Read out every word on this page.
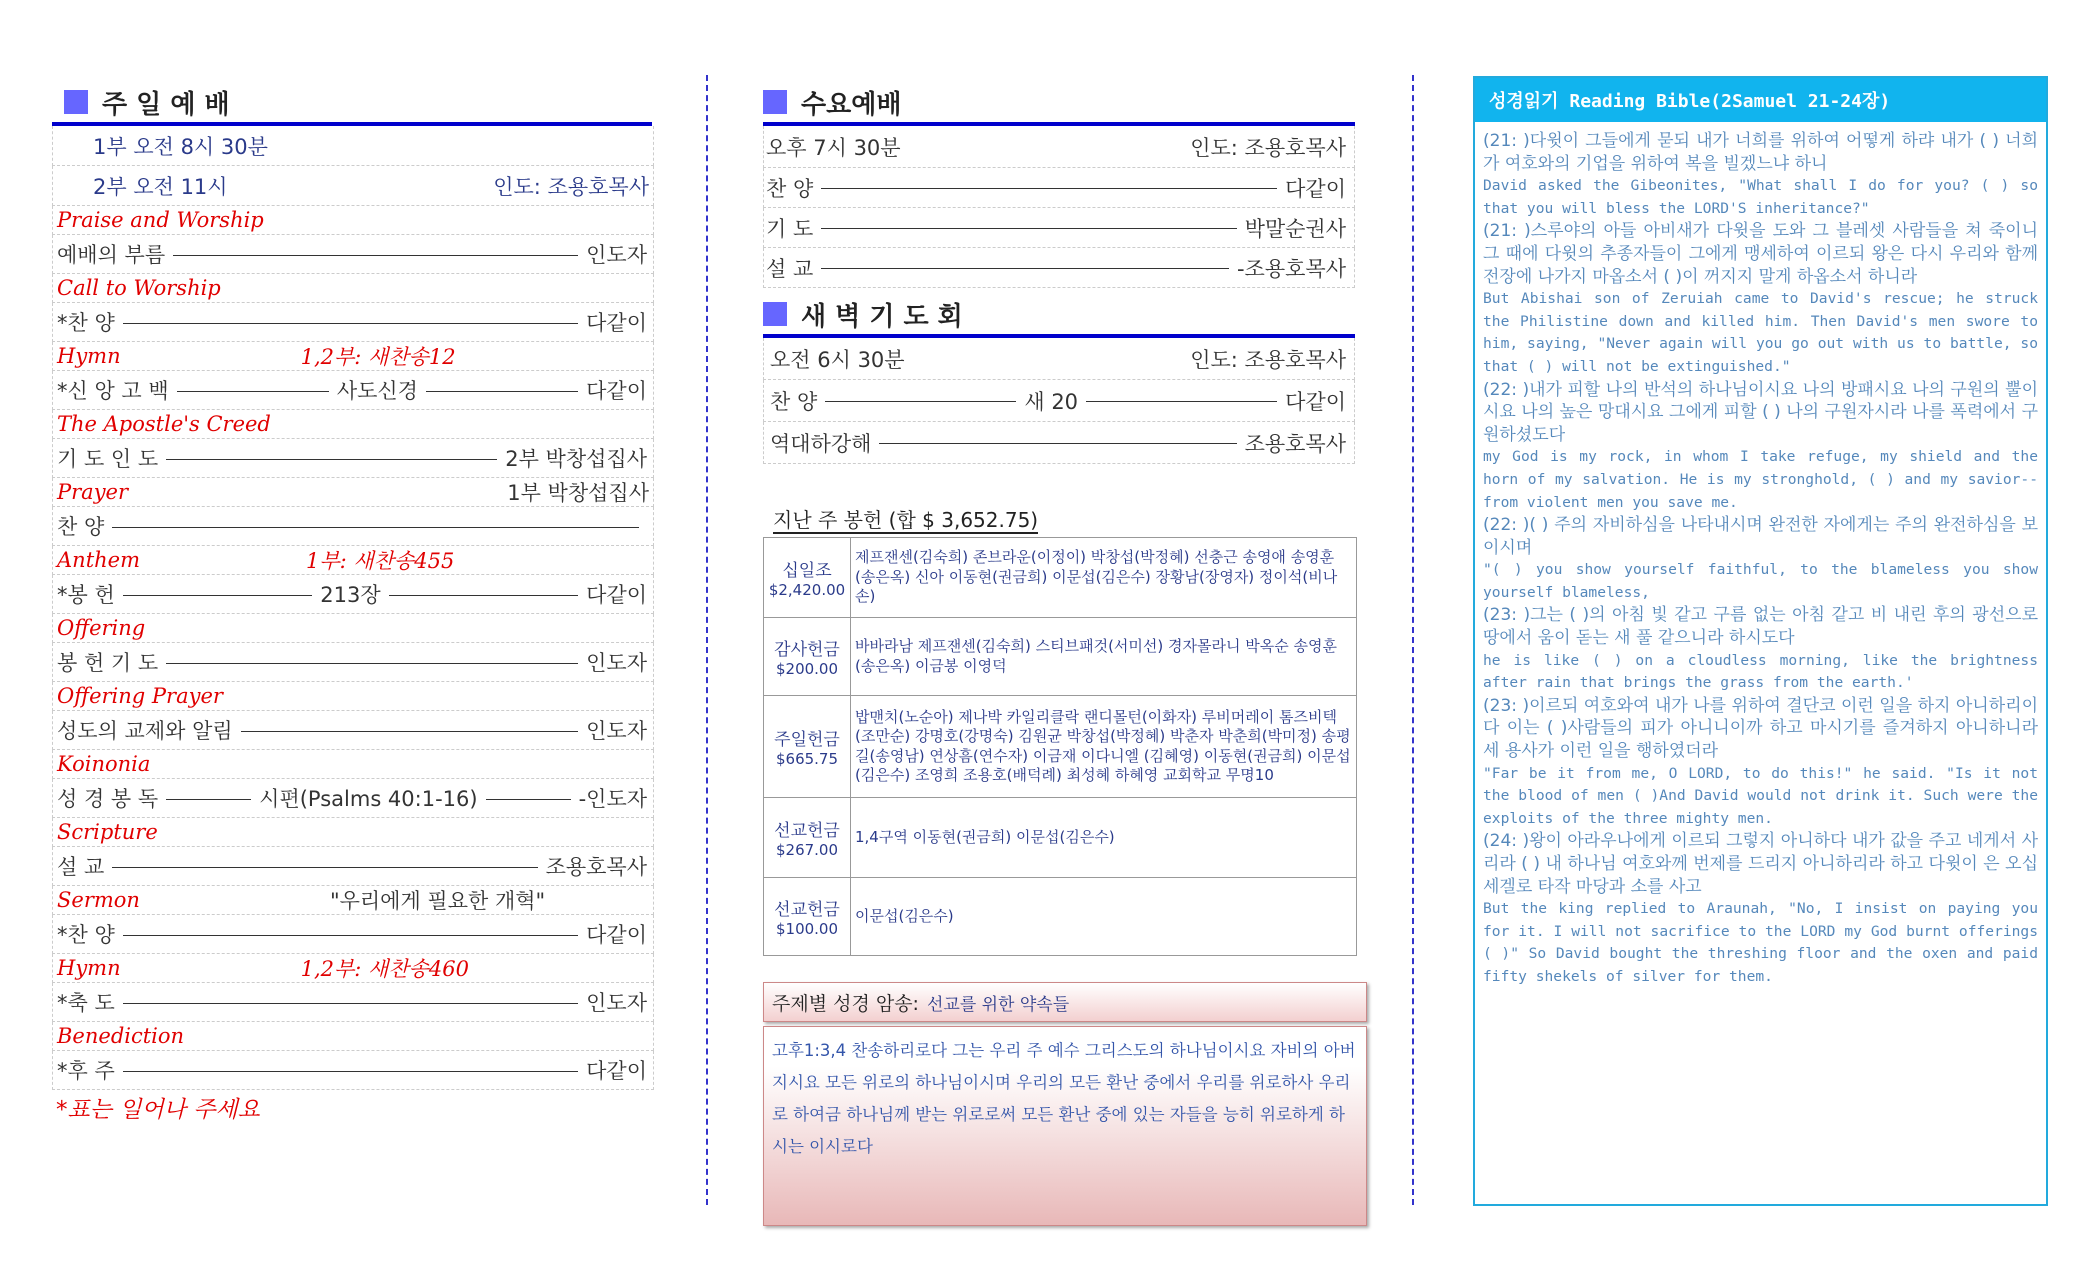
주 일 예 배
1부 오전 8시 30분
2부 오전 11시	인도: 조용호목사
Praise and Worship
예배의 부름	인도자
Call to Worship
*찬 양	다같이
Hymn	1,2부: 새찬송12
*신 앙 고 백	사도신경	다같이
The Apostle's Creed
기 도 인 도	2부 박창섭집사
Prayer	1부 박창섭집사
찬 양
Anthem	1부: 새찬송455
*봉 헌	213장	다같이
Offering
봉 헌 기 도	인도자
Offering Prayer
성도의 교제와 알림	인도자
Koinonia
성 경 봉 독	시편(Psalms 40:1-16)	-인도자
Scripture
설 교	조용호목사
Sermon	"우리에게 필요한 개혁"
*찬 양	다같이
Hymn	1,2부: 새찬송460
*축 도	인도자
Benediction
*후 주	다같이
*표는 일어나 주세요
수요예배
오후 7시 30분	인도: 조용호목사
찬 양	다같이
기 도	박말순권사
설 교	-조용호목사
새 벽 기 도 회
오전 6시 30분	인도: 조용호목사
찬 양	새 20	다같이
역대하강해	조용호목사
지난 주 봉헌 (합 $ 3,652.75)
십일조
$2,420.00	제프잰센(김숙희) 존브라운(이정이) 박창섭(박정혜) 선충근 송영애 송영훈(송은옥) 신아 이동현(권금희) 이문섭(김은수) 장황남(장영자) 정이석(비나손)

감사헌금
$200.00	바바라남 제프잰센(김숙희) 스티브패것(서미선) 경자몰라니 박옥순 송영훈(송은옥) 이금봉 이영덕

주일헌금
$665.75	밥맨치(노순아) 제나박 카일리클락 랜디몰턴(이화자) 루비머레이 톰즈비텍(조만순) 강명호(강명숙) 김원균 박창섭(박정혜) 박춘자 박춘희(박미정) 송평길(송영남) 연상흠(연수자) 이금재 이다니엘 (김혜영) 이동현(권금희) 이문섭(김은수) 조영희 조용호(배덕례) 최성혜 하혜영 교회학교 무명10

선교헌금
$267.00	1,4구역 이동현(권금희) 이문섭(김은수)

선교헌금
$100.00	이문섭(김은수)
주제별 성경 암송: 선교를 위한 약속들
고후1:3,4 찬송하리로다 그는 우리 주 예수 그리스도의 하나님이시요 자비의 아버지시요 모든 위로의 하나님이시며 우리의 모든 환난 중에서 우리를 위로하사 우리로 하여금 하나님께 받는 위로로써 모든 환난 중에 있는 자들을 능히 위로하게 하시는 이시로다
성경읽기 Reading Bible(2Samuel 21-24장)

(21: )다윗이 그들에게 묻되 내가 너희를 위하여 어떻게 하랴 내가 ( ) 너희가 여호와의 기업을 위하여 복을 빌겠느냐 하니

David asked the Gibeonites, "What shall I do for you? ( ) so that you will bless the LORD'S inheritance?"

(21: )스루야의 아들 아비새가 다윗을 도와 그 블레셋 사람들을 쳐 죽이니 그 때에 다윗의 추종자들이 그에게 맹세하여 이르되 왕은 다시 우리와 함께 전장에 나가지 마옵소서 ( )이 꺼지지 말게 하옵소서 하니라

But Abishai son of Zeruiah came to David's rescue; he struck the Philistine down and killed him. Then David's men swore to him, saying, "Never again will you go out with us to battle, so that ( ) will not be extinguished."

(22: )내가 피할 나의 반석의 하나님이시요 나의 방패시요 나의 구원의 뿔이시요 나의 높은 망대시요 그에게 피할 ( ) 나의 구원자시라 나를 폭력에서 구원하셨도다

my God is my rock, in whom I take refuge, my shield and the horn of my salvation. He is my stronghold, ( ) and my savior--from violent men you save me.

(22: )( ) 주의 자비하심을 나타내시며 완전한 자에게는 주의 완전하심을 보이시며

"( ) you show yourself faithful, to the blameless you show yourself blameless,

(23: )그는 ( )의 아침 빛 같고 구름 없는 아침 같고 비 내린 후의 광선으로 땅에서 움이 돋는 새 풀 같으니라 하시도다

he is like ( ) on a cloudless morning, like the brightness after rain that brings the grass from the earth.'

(23: )이르되 여호와여 내가 나를 위하여 결단코 이런 일을 하지 아니하리이다 이는 ( )사람들의 피가 아니니이까 하고 마시기를 즐겨하지 아니하니라 세 용사가 이런 일을 행하였더라

"Far be it from me, O LORD, to do this!" he said. "Is it not the blood of men ( )And David would not drink it. Such were the exploits of the three mighty men.

(24: )왕이 아라우나에게 이르되 그렇지 아니하다 내가 값을 주고 네게서 사리라 ( ) 내 하나님 여호와께 번제를 드리지 아니하리라 하고 다윗이 은 오십 세겔로 타작 마당과 소를 사고

But the king replied to Araunah, "No, I insist on paying you for it. I will not sacrifice to the LORD my God burnt offerings ( )" So David bought the threshing floor and the oxen and paid fifty shekels of silver for them.
